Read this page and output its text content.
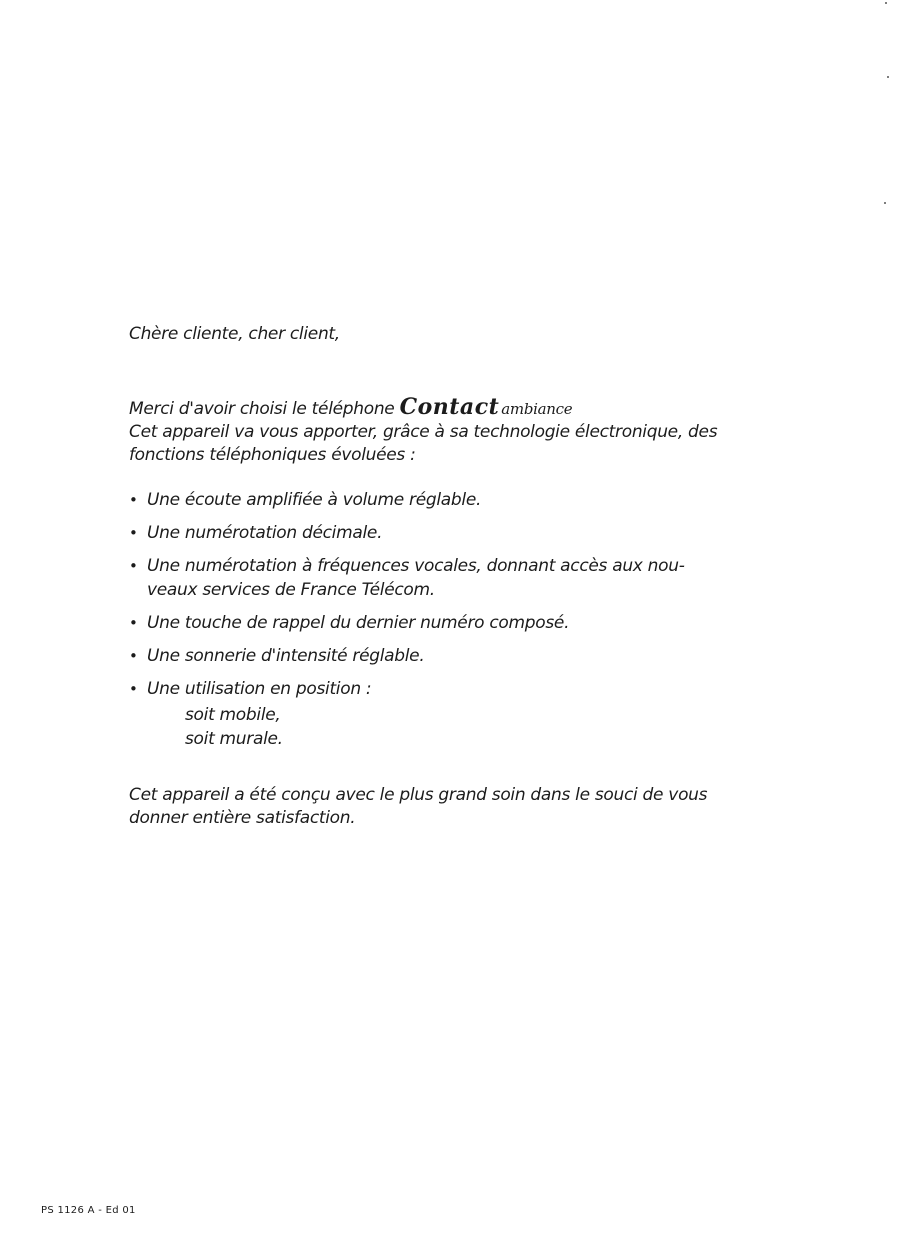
Chère cliente, cher client,
Merci d'avoir choisi le téléphone Contact ambiance
Cet appareil va vous apporter, grâce à sa technologie électronique, des
fonctions téléphoniques évoluées :
• Une écoute amplifiée à volume réglable.
• Une numérotation décimale.
• Une numérotation à fréquences vocales, donnant accès aux nou-
veaux services de France Télécom.
• Une touche de rappel du dernier numéro composé.
• Une sonnerie d'intensité réglable.
• Une utilisation en position :
soit mobile,
soit murale.
Cet appareil a été conçu avec le plus grand soin dans le souci de vous
donner entière satisfaction.
PS 1126 A - Ed 01
